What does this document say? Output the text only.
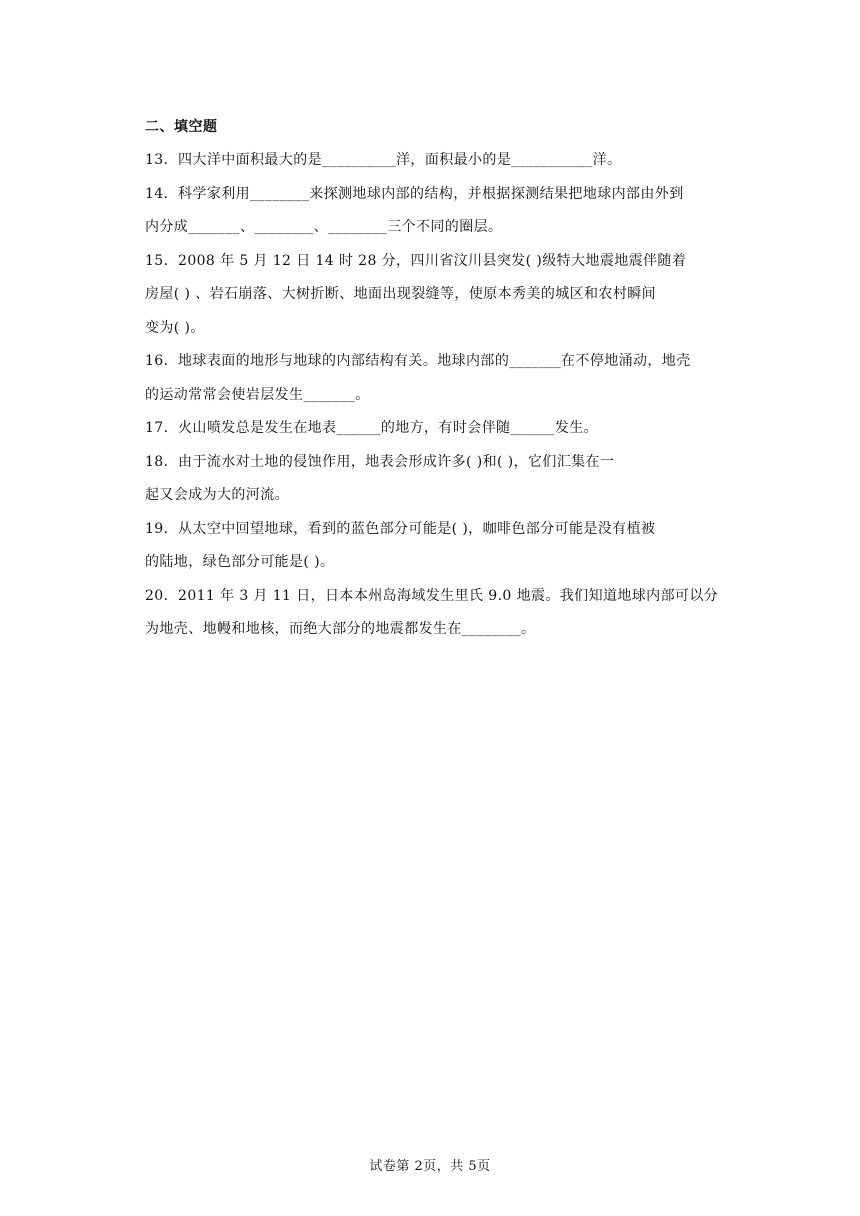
二、填空题
13．四大洋中面积最大的是__________洋，面积最小的是___________洋。
14．科学家利用________来探测地球内部的结构，并根据探测结果把地球内部由外到
内分成_______、________、________三个不同的圈层。
15．2008 年 5 月 12 日 14 时 28 分，四川省汶川县突发( )级特大地震地震伴随着
房屋( ) 、岩石崩落、大树折断、地面出现裂缝等，使原本秀美的城区和农村瞬间
变为( )。
16．地球表面的地形与地球的内部结构有关。地球内部的_______在不停地涌动，地壳
的运动常常会使岩层发生_______。
17．火山喷发总是发生在地表______的地方，有时会伴随______发生。
18．由于流水对土地的侵蚀作用，地表会形成许多( )和( )，它们汇集在一
起又会成为大的河流。
19．从太空中回望地球，看到的蓝色部分可能是( )，咖啡色部分可能是没有植被
的陆地，绿色部分可能是( )。
20．2011 年 3 月 11 日，日本本州岛海域发生里氏 9.0 地震。我们知道地球内部可以分
为地壳、地幔和地核，而绝大部分的地震都发生在________。
试卷第 2页，共 5页
